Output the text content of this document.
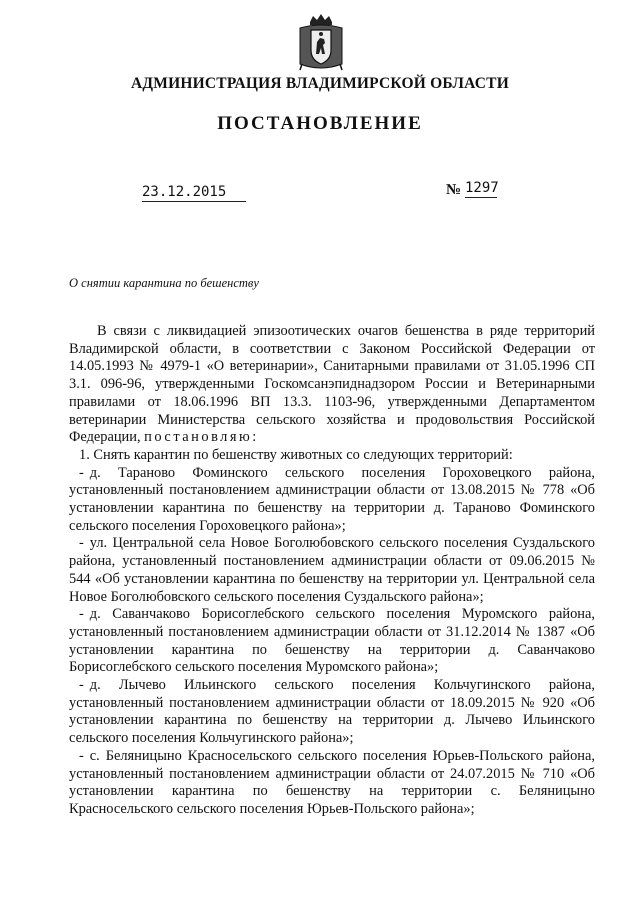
АДМИНИСТРАЦИЯ ВЛАДИМИРСКОЙ ОБЛАСТИ
ПОСТАНОВЛЕНИЕ
23.12.2015	№ 1297
О снятии карантина по бешенству

В связи с ликвидацией эпизоотических очагов бешенства в ряде территорий Владимирской области, в соответствии с Законом Российской Федерации от 14.05.1993 № 4979-1 «О ветеринарии», Санитарными правилами от 31.05.1996 СП 3.1. 096-96, утвержденными Госкомсанэпиднадзором России и Ветеринарными правилами от 18.06.1996 ВП 13.3. 1103-96, утвержденными Департаментом ветеринарии Министерства сельского хозяйства и продовольствия Российской Федерации, постановляю:

1. Снять карантин по бешенству животных со следующих территорий:

- д. Тараново Фоминского сельского поселения Гороховецкого района, установленный постановлением администрации области от 13.08.2015 № 778 «Об установлении карантина по бешенству на территории д. Тараново Фоминского сельского поселения Гороховецкого района»;

- ул. Центральной села Новое Боголюбовского сельского поселения Суздальского района, установленный постановлением администрации области от 09.06.2015 № 544 «Об установлении карантина по бешенству на территории ул. Центральной села Новое Боголюбовского сельского поселения Суздальского района»;

- д. Саванчаково Борисоглебского сельского поселения Муромского района, установленный постановлением администрации области от 31.12.2014 № 1387 «Об установлении карантина по бешенству на территории д. Саванчаково Борисоглебского сельского поселения Муромского района»;

- д. Лычево Ильинского сельского поселения Кольчугинского района, установленный постановлением администрации области от 18.09.2015 № 920 «Об установлении карантина по бешенству на территории д. Лычево Ильинского сельского поселения Кольчугинского района»;

- с. Беляницыно Красносельского сельского поселения Юрьев-Польского района, установленный постановлением администрации области от 24.07.2015 № 710 «Об установлении карантина по бешенству на территории с. Беляницыно Красносельского сельского поселения Юрьев-Польского района»;
